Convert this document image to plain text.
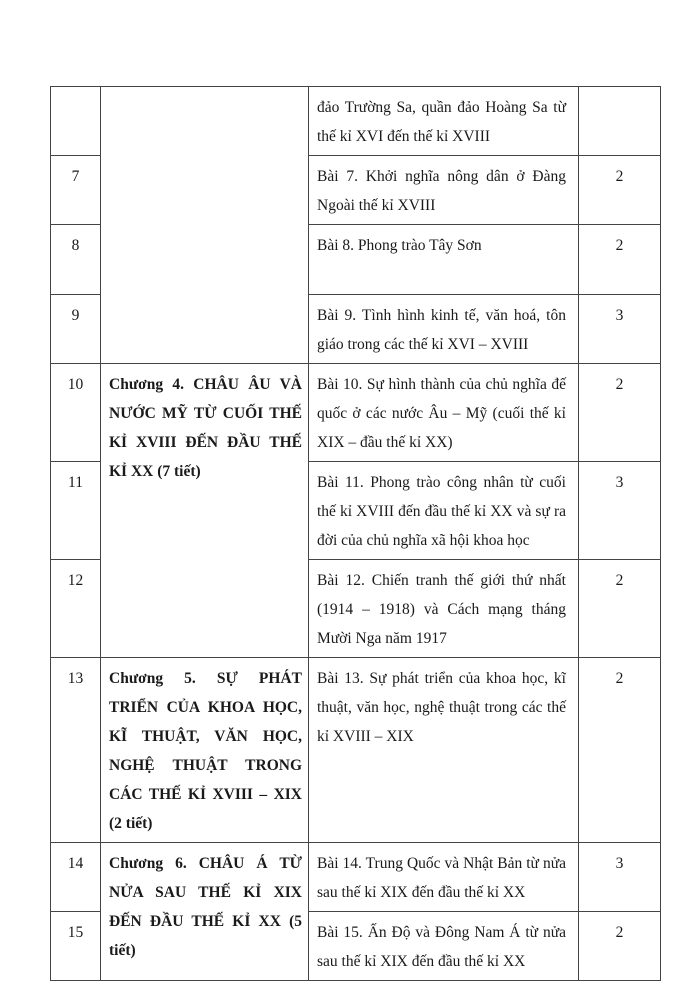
		đảo Trường Sa, quần đảo Hoàng Sa từ thế kỉ XVI đến thế kỉ XVIII	
7		Bài 7. Khởi nghĩa nông dân ở Đàng Ngoài thế kỉ XVIII	2
8		Bài 8. Phong trào Tây Sơn	2
9		Bài 9. Tình hình kinh tế, văn hoá, tôn giáo trong các thế kỉ XVI – XVIII	3
10	Chương 4. CHÂU ÂU VÀ NƯỚC MỸ TỪ CUỐI THẾ KỈ XVIII ĐẾN ĐẦU THẾ KỈ XX (7 tiết)	Bài 10. Sự hình thành của chủ nghĩa đế quốc ở các nước Âu – Mỹ (cuối thế kỉ XIX – đầu thế kỉ XX)	2
11		Bài 11. Phong trào công nhân từ cuối thế kỉ XVIII đến đầu thế kỉ XX và sự ra đời của chủ nghĩa xã hội khoa học	3
12		Bài 12. Chiến tranh thế giới thứ nhất (1914 – 1918) và Cách mạng tháng Mười Nga năm 1917	2
13	Chương 5. SỰ PHÁT TRIỂN CỦA KHOA HỌC, KĨ THUẬT, VĂN HỌC, NGHỆ THUẬT TRONG CÁC THẾ KỈ XVIII – XIX (2 tiết)	Bài 13. Sự phát triển của khoa học, kĩ thuật, văn học, nghệ thuật trong các thế kỉ XVIII – XIX	2
14	Chương 6. CHÂU Á TỪ NỬA SAU THẾ KỈ XIX ĐẾN ĐẦU THẾ KỈ XX (5 tiết)	Bài 14. Trung Quốc và Nhật Bản từ nửa sau thế kỉ XIX đến đầu thế kỉ XX	3
15		Bài 15. Ấn Độ và Đông Nam Á từ nửa sau thế kỉ XIX đến đầu thế kỉ XX	2
